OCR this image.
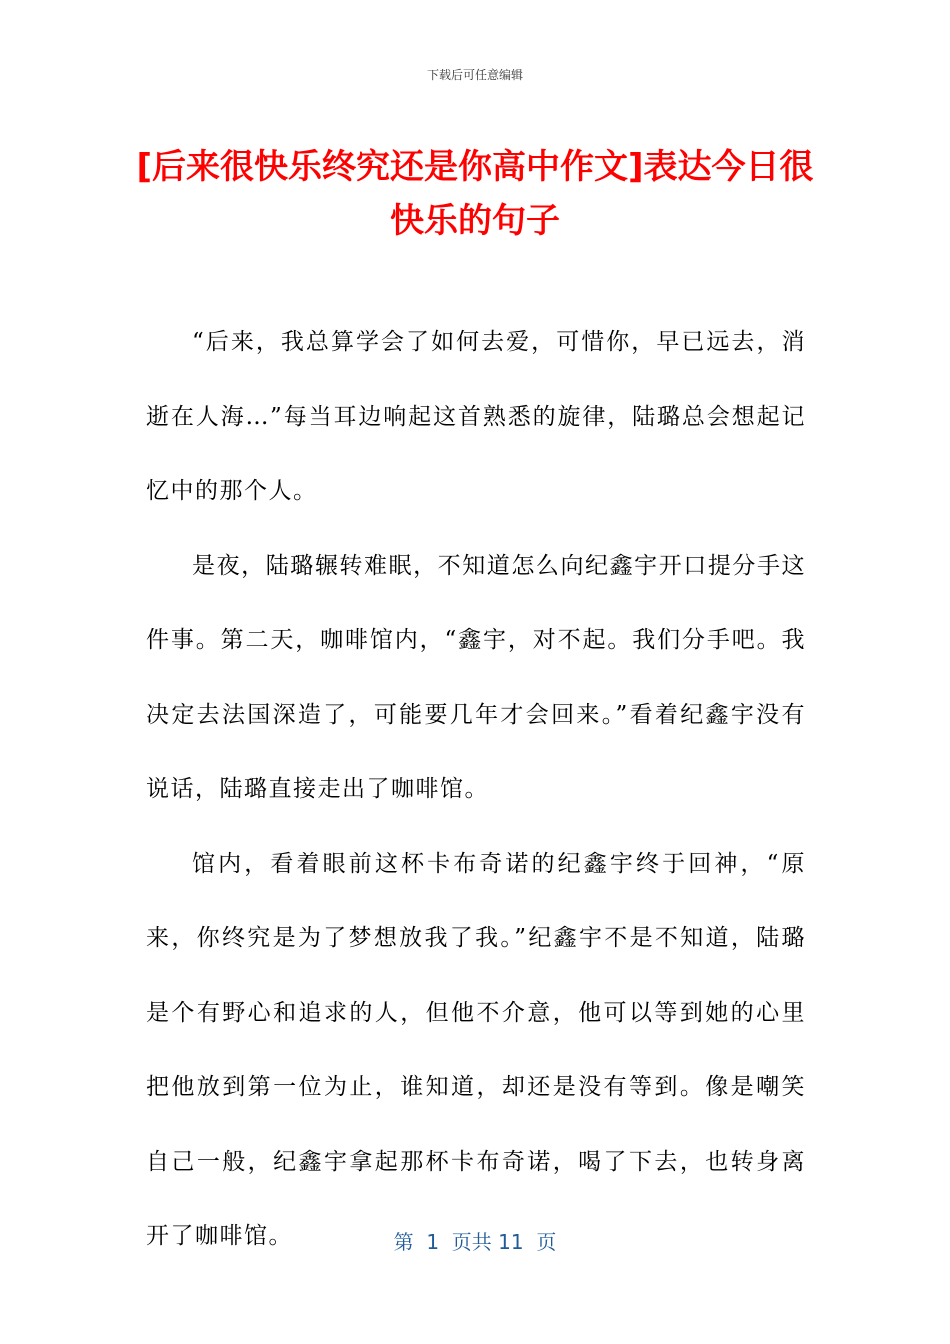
下载后可任意编辑
[后来很快乐终究还是你高中作文]表达今日很快乐的句子

“后来，我总算学会了如何去爱，可惜你，早已远去，消逝在人海…”每当耳边响起这首熟悉的旋律，陆璐总会想起记忆中的那个人。

是夜，陆璐辗转难眠，不知道怎么向纪鑫宇开口提分手这件事。第二天，咖啡馆内，“鑫宇，对不起。我们分手吧。我决定去法国深造了，可能要几年才会回来。”看着纪鑫宇没有说话，陆璐直接走出了咖啡馆。

馆内，看着眼前这杯卡布奇诺的纪鑫宇终于回神，“原来，你终究是为了梦想放我了我。”纪鑫宇不是不知道，陆璐是个有野心和追求的人，但他不介意，他可以等到她的心里把他放到第一位为止，谁知道，却还是没有等到。像是嘲笑自己一般，纪鑫宇拿起那杯卡布奇诺，喝了下去，也转身离开了咖啡馆。	第  1  页共 11  页
